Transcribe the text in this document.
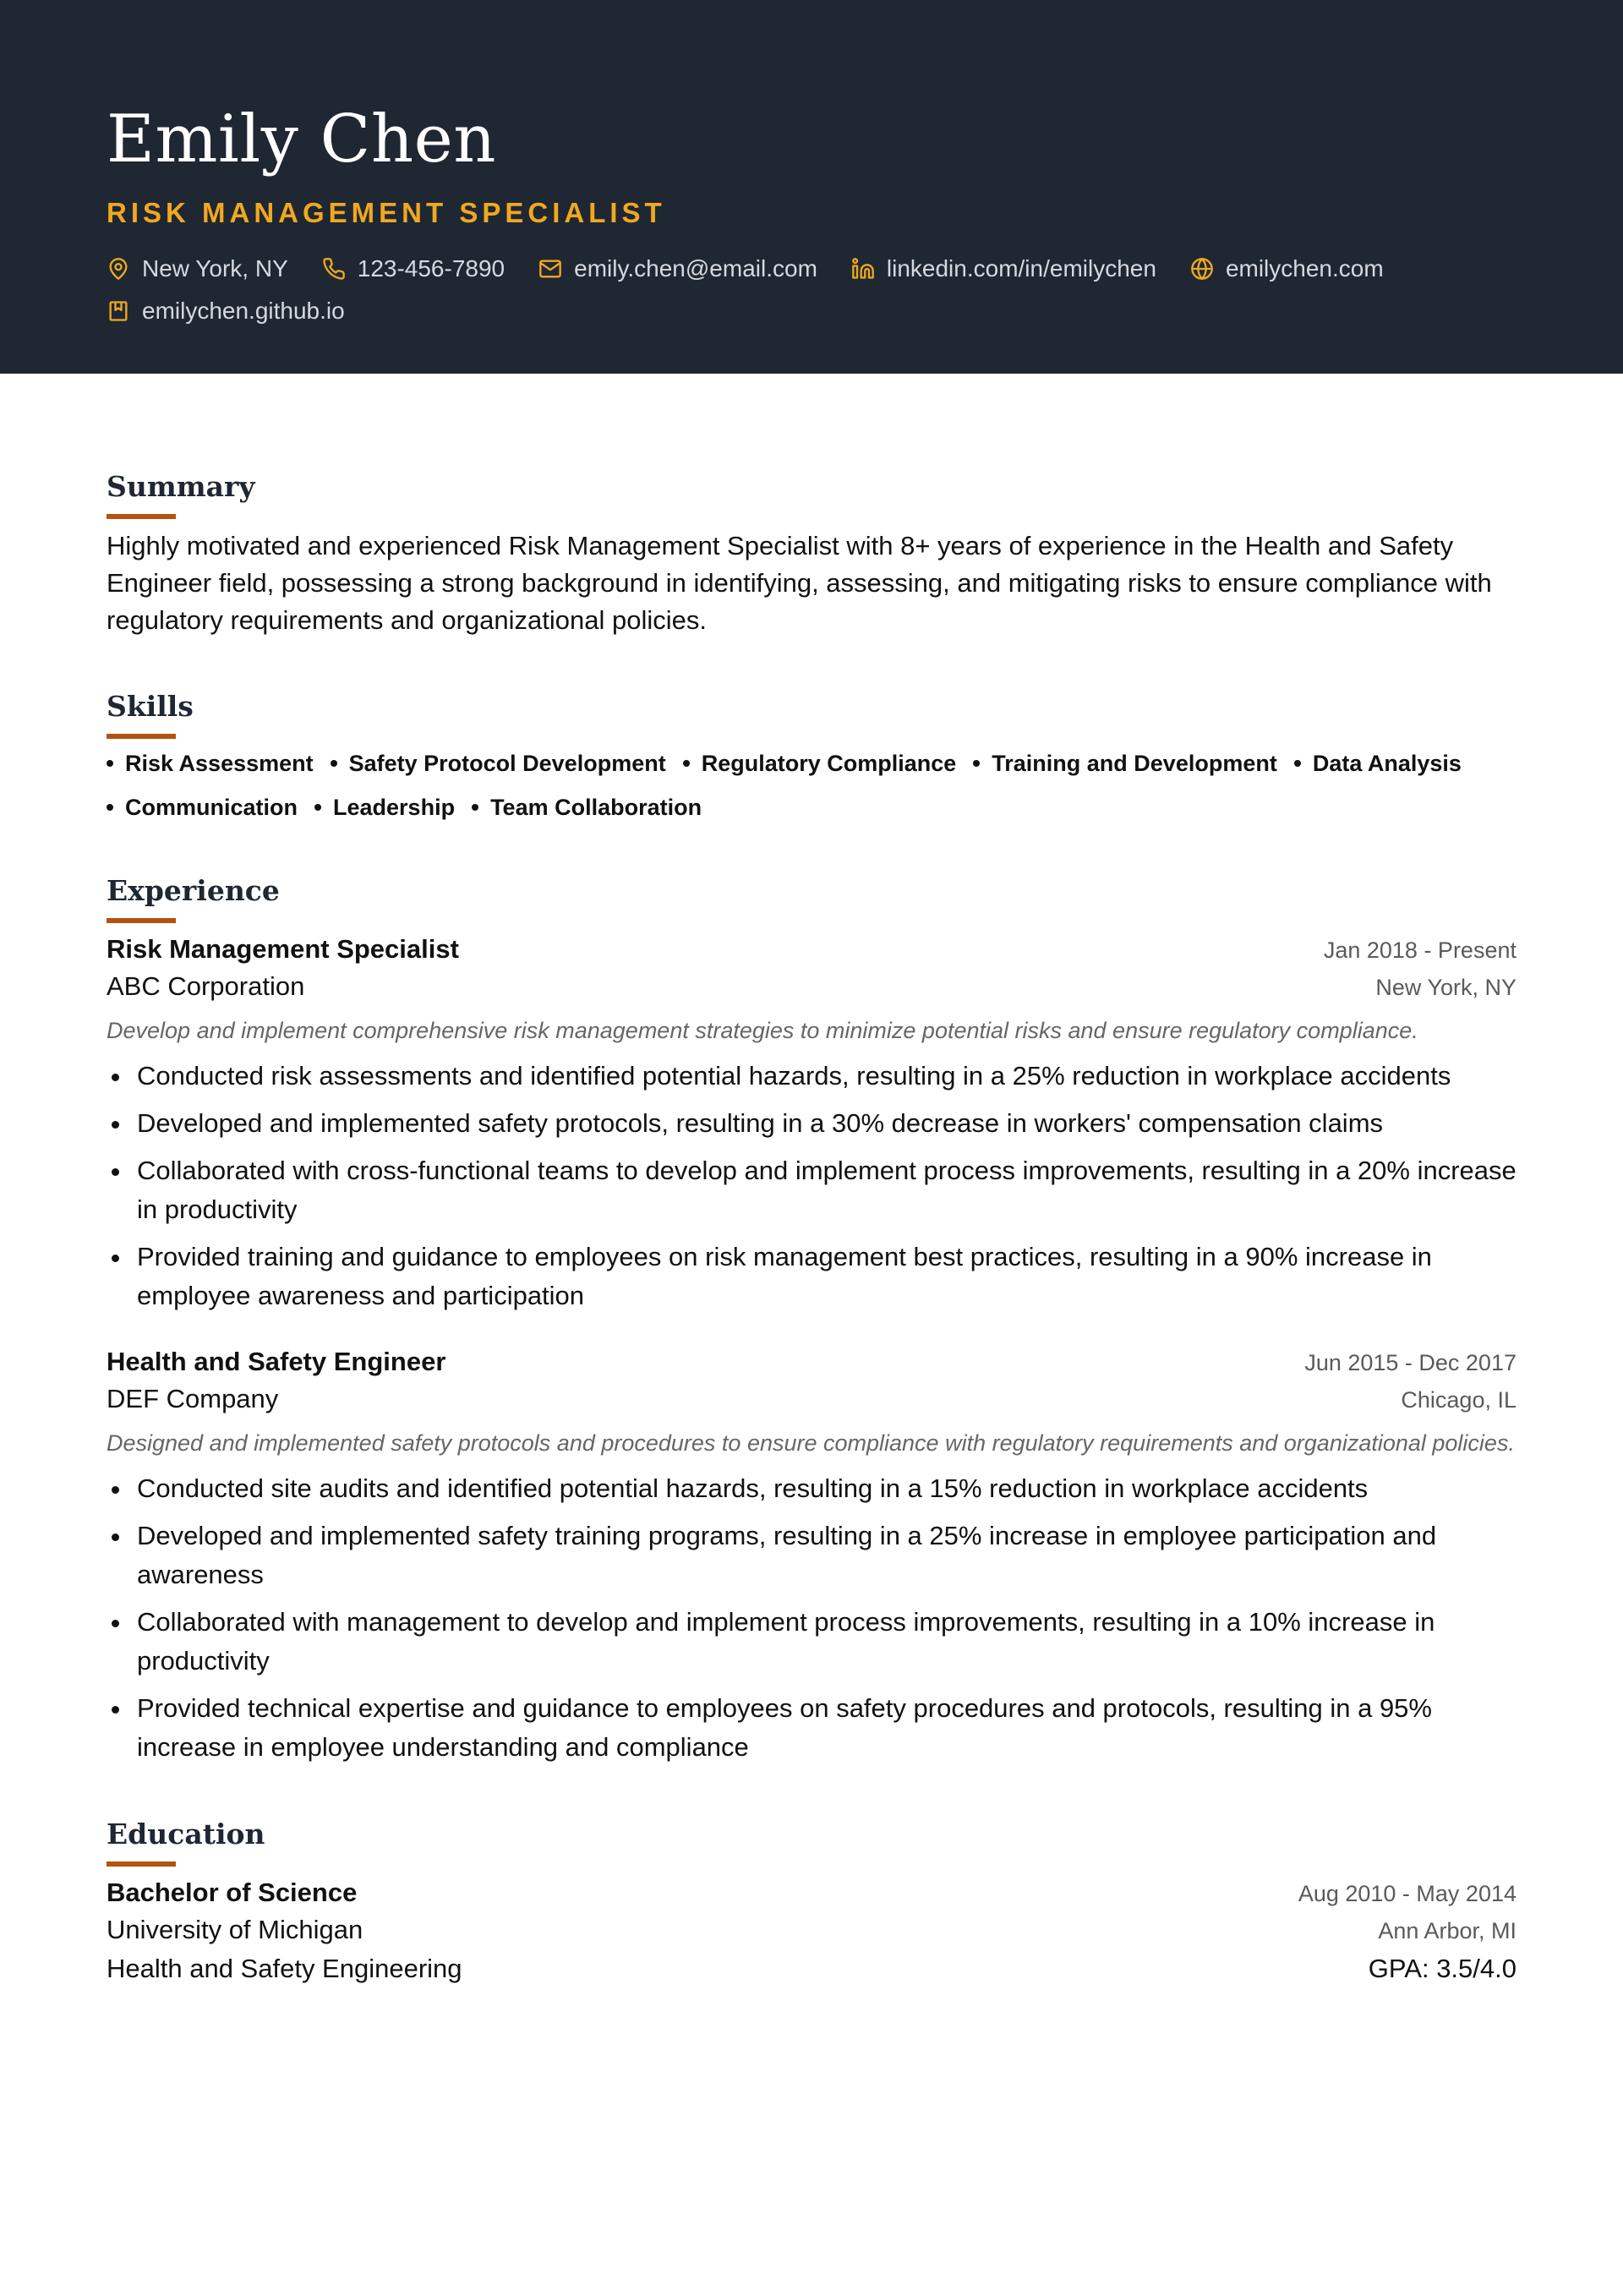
Emily Chen
RISK MANAGEMENT SPECIALIST
New York, NY	123-456-7890	emily.chen@email.com	linkedin.com/in/emilychen	emilychen.com
emilychen.github.io
Summary

Highly motivated and experienced Risk Management Specialist with 8+ years of experience in the Health and Safety Engineer field, possessing a strong background in identifying, assessing, and mitigating risks to ensure compliance with regulatory requirements and organizational policies.

Skills
Risk Assessment Safety Protocol Development Regulatory Compliance Training and Development Data Analysis
Communication Leadership Team Collaboration
Experience
Risk Management Specialist	Jan 2018 - Present
ABC Corporation	New York, NY

Develop and implement comprehensive risk management strategies to minimize potential risks and ensure regulatory compliance.

Conducted risk assessments and identified potential hazards, resulting in a 25% reduction in workplace accidents
Developed and implemented safety protocols, resulting in a 30% decrease in workers' compensation claims
Collaborated with cross-functional teams to develop and implement process improvements, resulting in a 20% increase in productivity
Provided training and guidance to employees on risk management best practices, resulting in a 90% increase in employee awareness and participation
Health and Safety Engineer	Jun 2015 - Dec 2017
DEF Company	Chicago, IL

Designed and implemented safety protocols and procedures to ensure compliance with regulatory requirements and organizational policies.

Conducted site audits and identified potential hazards, resulting in a 15% reduction in workplace accidents
Developed and implemented safety training programs, resulting in a 25% increase in employee participation and awareness
Collaborated with management to develop and implement process improvements, resulting in a 10% increase in productivity
Provided technical expertise and guidance to employees on safety procedures and protocols, resulting in a 95% increase in employee understanding and compliance
Education
Bachelor of Science	Aug 2010 - May 2014
University of Michigan	Ann Arbor, MI
Health and Safety Engineering	GPA: 3.5/4.0
